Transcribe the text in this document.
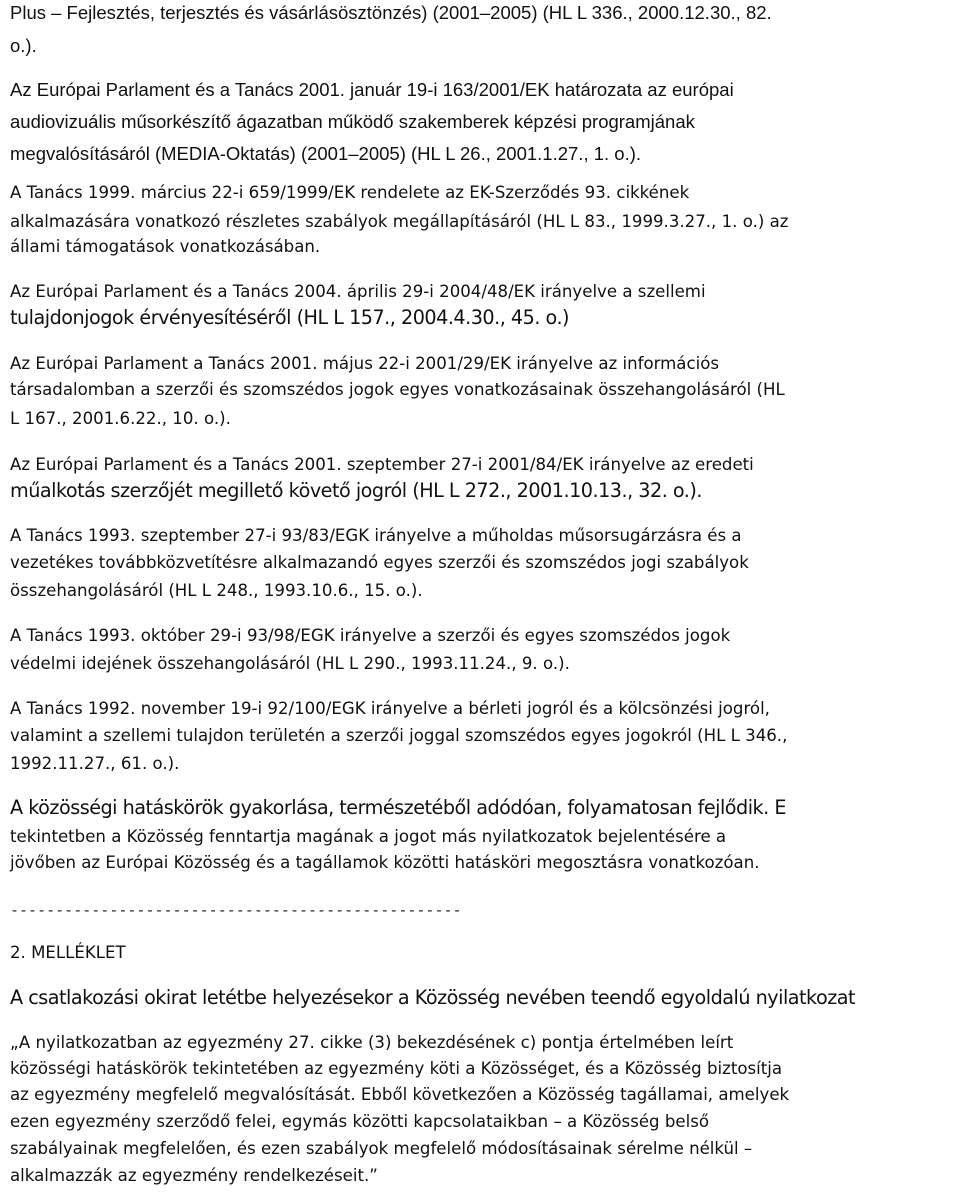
Plus – Fejlesztés, terjesztés és vásárlásösztönzés) (2001–2005) (HL L 336., 2000.12.30., 82.
o.).
Az Európai Parlament és a Tanács 2001. január 19-i 163/2001/EK határozata az európai
audiovizuális műsorkészítő ágazatban működő szakemberek képzési programjának
megvalósításáról (MEDIA-Oktatás) (2001–2005) (HL L 26., 2001.1.27., 1. o.).
A Tanács 1999. március 22-i 659/1999/EK rendelete az EK-Szerződés 93. cikkének
alkalmazására vonatkozó részletes szabályok megállapításáról (HL L 83., 1999.3.27., 1. o.) az
állami támogatások vonatkozásában.
Az Európai Parlament és a Tanács 2004. április 29-i 2004/48/EK irányelve a szellemi
tulajdonjogok érvényesítéséről (HL L 157., 2004.4.30., 45. o.)
Az Európai Parlament a Tanács 2001. május 22-i 2001/29/EK irányelve az információs
társadalomban a szerzői és szomszédos jogok egyes vonatkozásainak összehangolásáról (HL
L 167., 2001.6.22., 10. o.).
Az Európai Parlament és a Tanács 2001. szeptember 27-i 2001/84/EK irányelve az eredeti
műalkotás szerzőjét megillető követő jogról (HL L 272., 2001.10.13., 32. o.).
A Tanács 1993. szeptember 27-i 93/83/EGK irányelve a műholdas műsorsugárzásra és a
vezetékes továbbközvetítésre alkalmazandó egyes szerzői és szomszédos jogi szabályok
összehangolásáról (HL L 248., 1993.10.6., 15. o.).
A Tanács 1993. október 29-i 93/98/EGK irányelve a szerzői és egyes szomszédos jogok
védelmi idejének összehangolásáról (HL L 290., 1993.11.24., 9. o.).
A Tanács 1992. november 19-i 92/100/EGK irányelve a bérleti jogról és a kölcsönzési jogról,
valamint a szellemi tulajdon területén a szerzői joggal szomszédos egyes jogokról (HL L 346.,
1992.11.27., 61. o.).
A közösségi hatáskörök gyakorlása, természetéből adódóan, folyamatosan fejlődik. E
tekintetben a Közösség fenntartja magának a jogot más nyilatkozatok bejelentésére a
jövőben az Európai Közösség és a tagállamok közötti hatásköri megosztásra vonatkozóan.
--------------------------------------------------
2. MELLÉKLET
A csatlakozási okirat letétbe helyezésekor a Közösség nevében teendő egyoldalú nyilatkozat
„A nyilatkozatban az egyezmény 27. cikke (3) bekezdésének c) pontja értelmében leírt
közösségi hatáskörök tekintetében az egyezmény köti a Közösséget, és a Közösség biztosítja
az egyezmény megfelelő megvalósítását. Ebből következően a Közösség tagállamai, amelyek
ezen egyezmény szerződő felei, egymás közötti kapcsolataikban – a Közösség belső
szabályainak megfelelően, és ezen szabályok megfelelő módosításainak sérelme nélkül –
alkalmazzák az egyezmény rendelkezéseit.”
